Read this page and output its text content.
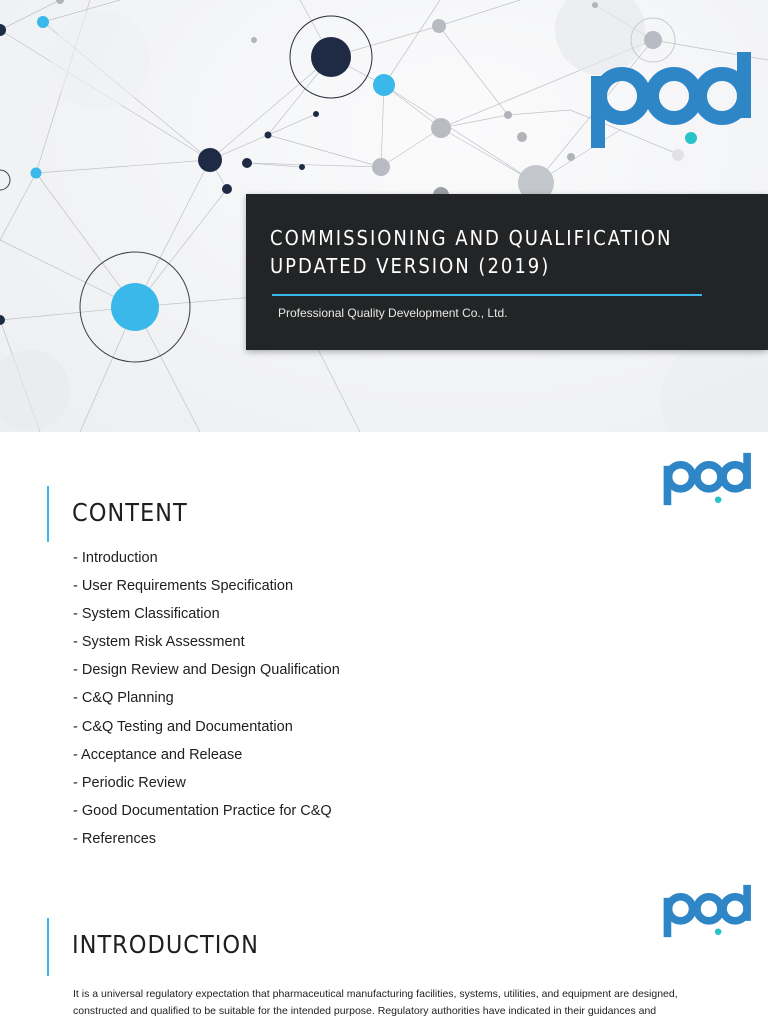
COMMISSIONING AND QUALIFICATION
UPDATED VERSION (2019)
Professional Quality Development Co., Ltd.
CONTENT
- Introduction
- User Requirements Specification
- System Classification
- System Risk Assessment
- Design Review and Design Qualification
- C&Q Planning
- C&Q Testing and Documentation
- Acceptance and Release
- Periodic Review
- Good Documentation Practice for C&Q
- References
INTRODUCTION
It is a universal regulatory expectation that pharmaceutical manufacturing facilities, systems, utilities, and equipment are designed, constructed and qualified to be suitable for the intended purpose. Regulatory authorities have indicated in their guidances and
